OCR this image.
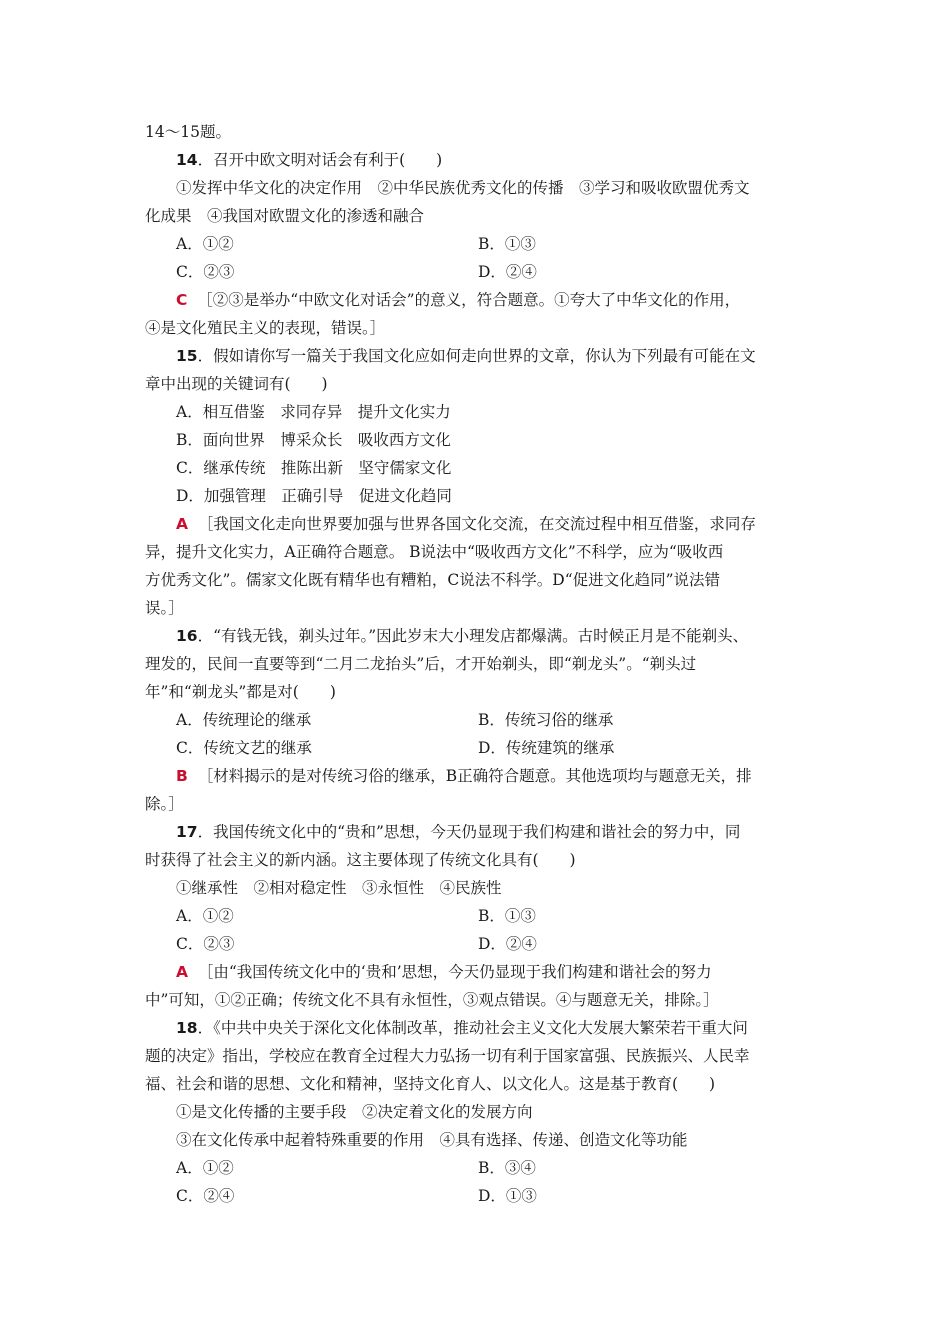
14～15题。
14．召开中欧文明对话会有利于(　　)
①发挥中华文化的决定作用　②中华民族优秀文化的传播　③学习和吸收欧盟优秀文
化成果　④我国对欧盟文化的渗透和融合
A．①②	B．①③
C．②③	D．②④
C ［②③是举办“中欧文化对话会”的意义，符合题意。①夸大了中华文化的作用，
④是文化殖民主义的表现，错误。］
15．假如请你写一篇关于我国文化应如何走向世界的文章，你认为下列最有可能在文
章中出现的关键词有(　　)
A．相互借鉴　求同存异　提升文化实力
B．面向世界　博采众长　吸收西方文化
C．继承传统　推陈出新　坚守儒家文化
D．加强管理　正确引导　促进文化趋同
A ［我国文化走向世界要加强与世界各国文化交流，在交流过程中相互借鉴，求同存
异，提升文化实力，A正确符合题意。 B说法中“吸收西方文化”不科学，应为“吸收西
方优秀文化”。儒家文化既有精华也有糟粕，C说法不科学。D“促进文化趋同”说法错
误。］
16．“有钱无钱，剃头过年。”因此岁末大小理发店都爆满。古时候正月是不能剃头、
理发的，民间一直要等到“二月二龙抬头”后，才开始剃头，即“剃龙头”。“剃头过
年”和“剃龙头”都是对(　　)
A．传统理论的继承	B．传统习俗的继承
C．传统文艺的继承	D．传统建筑的继承
B ［材料揭示的是对传统习俗的继承，B正确符合题意。其他选项均与题意无关，排
除。］
17．我国传统文化中的“贵和”思想，今天仍显现于我们构建和谐社会的努力中，同
时获得了社会主义的新内涵。这主要体现了传统文化具有(　　)
①继承性　②相对稳定性　③永恒性　④民族性
A．①②	B．①③
C．②③	D．②④
A ［由“我国传统文化中的‘贵和’思想，今天仍显现于我们构建和谐社会的努力
中”可知，①②正确；传统文化不具有永恒性，③观点错误。④与题意无关，排除。］
18．《中共中央关于深化文化体制改革，推动社会主义文化大发展大繁荣若干重大问
题的决定》指出，学校应在教育全过程大力弘扬一切有利于国家富强、民族振兴、人民幸
福、社会和谐的思想、文化和精神，坚持文化育人、以文化人。这是基于教育(　　)
①是文化传播的主要手段　②决定着文化的发展方向
③在文化传承中起着特殊重要的作用　④具有选择、传递、创造文化等功能
A．①②	B．③④
C．②④	D．①③
